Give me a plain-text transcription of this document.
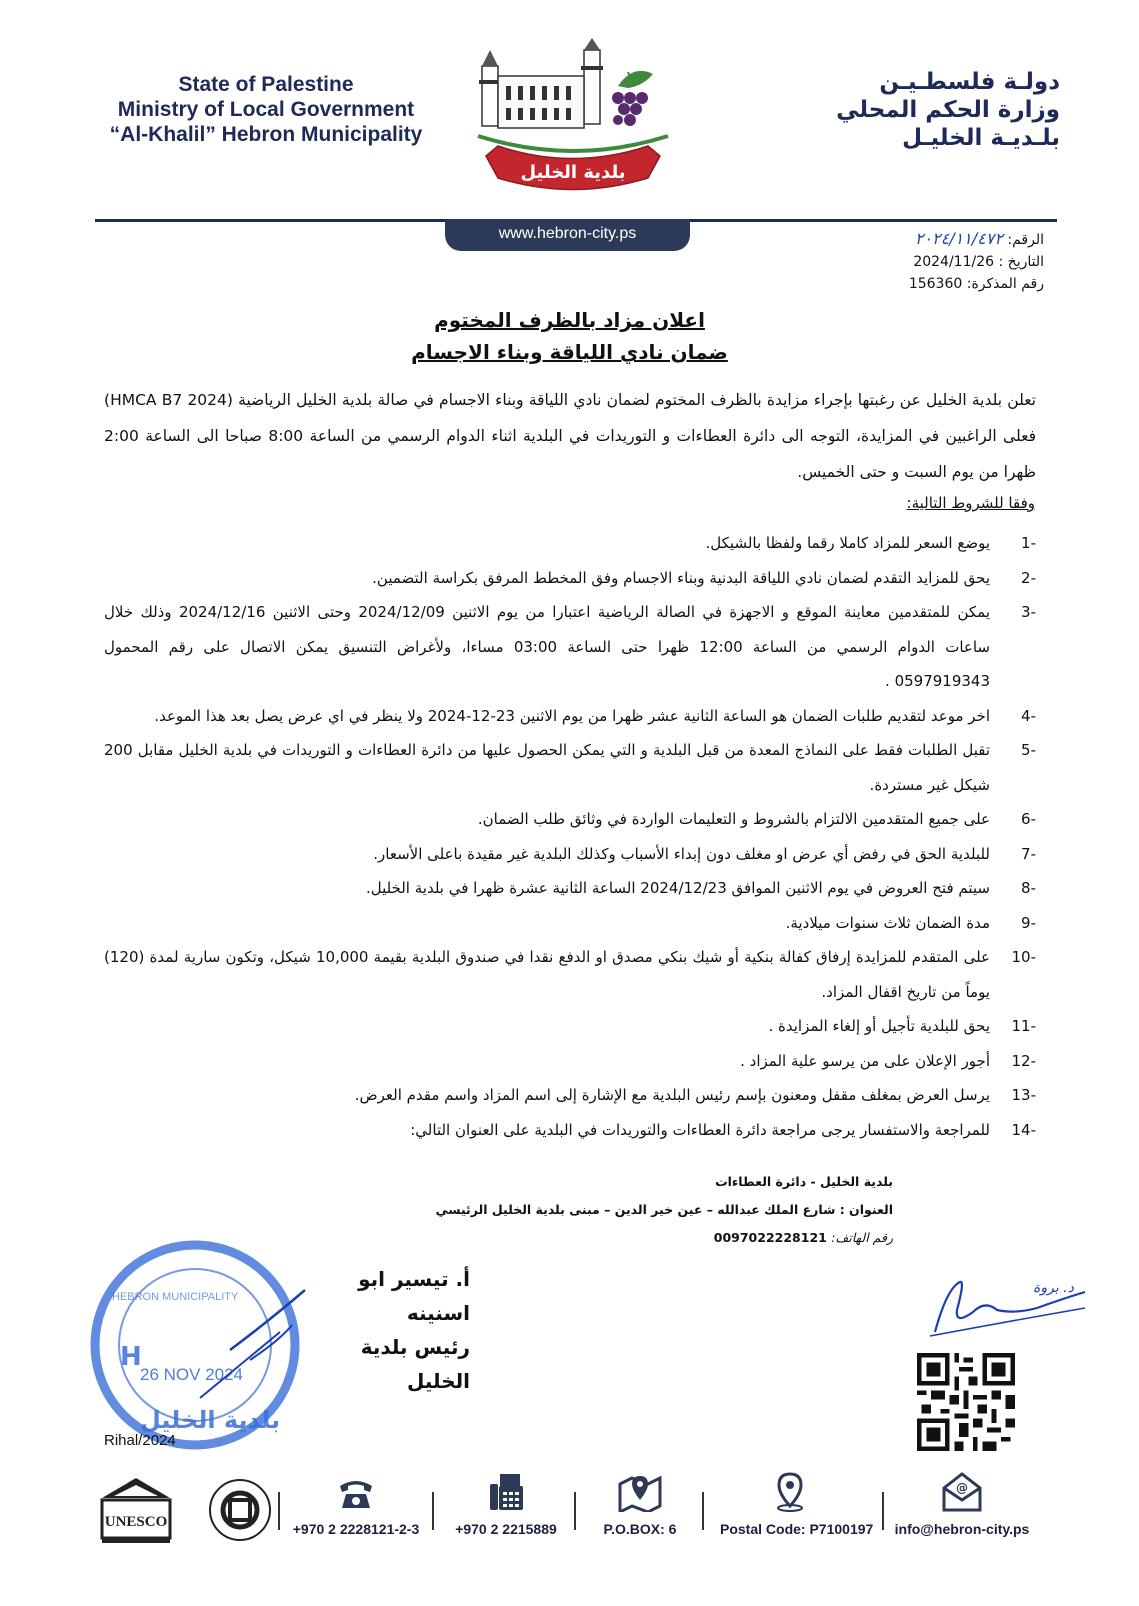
State of Palestine
Ministry of Local Government
“Al-Khalil” Hebron Municipality
بلدية الخليل
دولـة فلسطـيـن
وزارة الحكم المحلي
بلـديـة الخليـل
www.hebron-city.ps	الرقم: ٢٠٢٤/١١/٤٧٢
التاريخ : 2024/11/26
رقم المذكرة: 156360
اعلان مزاد بالظرف المختوم
ضمان نادي اللياقة وبناء الاجسام
تعلن بلدية الخليل عن رغبتها بإجراء مزايدة بالظرف المختوم لضمان نادي اللياقة وبناء الاجسام في صالة بلدية الخليل الرياضية (HMCA B7 2024) فعلى الراغبين في المزايدة، التوجه الى دائرة العطاءات و التوريدات في البلدية اثناء الدوام الرسمي من الساعة 8:00 صباحا الى الساعة 2:00 ظهرا من يوم السبت و حتى الخميس.
وفقا للشروط التالية:
-1
يوضع السعر للمزاد كاملا رقما ولفظا بالشيكل.
-2
يحق للمزايد التقدم لضمان نادي اللياقة البدنية وبناء الاجسام وفق المخطط المرفق بكراسة التضمين.
-3
يمكن للمتقدمين معاينة الموقع و الاجهزة في الصالة الرياضية اعتبارا من يوم الاثنين 2024/12/09 وحتى الاثنين 2024/12/16 وذلك خلال ساعات الدوام الرسمي من الساعة 12:00 ظهرا حتى الساعة 03:00 مساءا، ولأغراض التنسيق يمكن الاتصال على رقم المحمول 0597919343 .
-4
اخر موعد لتقديم طلبات الضمان هو الساعة الثانية عشر ظهرا من يوم الاثنين 23-12-2024 ولا ينظر في اي عرض يصل بعد هذا الموعد.
-5
تقبل الطلبات فقط على النماذج المعدة من قبل البلدية و التي يمكن الحصول عليها من دائرة العطاءات و التوريدات في بلدية الخليل مقابل 200 شيكل غير مستردة.
-6
على جميع المتقدمين الالتزام بالشروط و التعليمات الواردة في وثائق طلب الضمان.
-7
للبلدية الحق في رفض أي عرض او مغلف دون إبداء الأسباب وكذلك البلدية غير مقيدة باعلى الأسعار.
-8
سيتم فتح العروض في يوم الاثنين الموافق 2024/12/23 الساعة الثانية عشرة ظهرا في بلدية الخليل.
-9
مدة الضمان ثلاث سنوات ميلادية.
-10
على المتقدم للمزايدة إرفاق كفالة بنكية أو شيك بنكي مصدق او الدفع نقدا في صندوق البلدية بقيمة 10,000 شيكل، وتكون سارية لمدة (120) يوماً من تاريخ اقفال المزاد.
-11
يحق للبلدية تأجيل أو إلغاء المزايدة .
-12
أجور الإعلان على من يرسو علية المزاد .
-13
يرسل العرض بمغلف مقفل ومعنون بإسم رئيس البلدية مع الإشارة إلى اسم المزاد واسم مقدم العرض.
-14
للمراجعة والاستفسار يرجى مراجعة دائرة العطاءات والتوريدات في البلدية على العنوان التالي:
بلدية الخليل - دائرة العطاءات
العنوان : شارع الملك عبدالله – عين خير الدين – مبنى بلدية الخليل الرئيسي
رقم الهاتف: 0097022228121
H
26 NOV 2024
بلدية الخليل
HEBRON MUNICIPALITY
أ. تيسير ابو اسنينه
رئيس بلدية الخليل
د. بروة
Rihal/2024
UNESCO	+970 2 2228121-2-3	+970 2 2215889	P.O.BOX: 6	Postal Code: P7100197
@
info@hebron-city.ps
